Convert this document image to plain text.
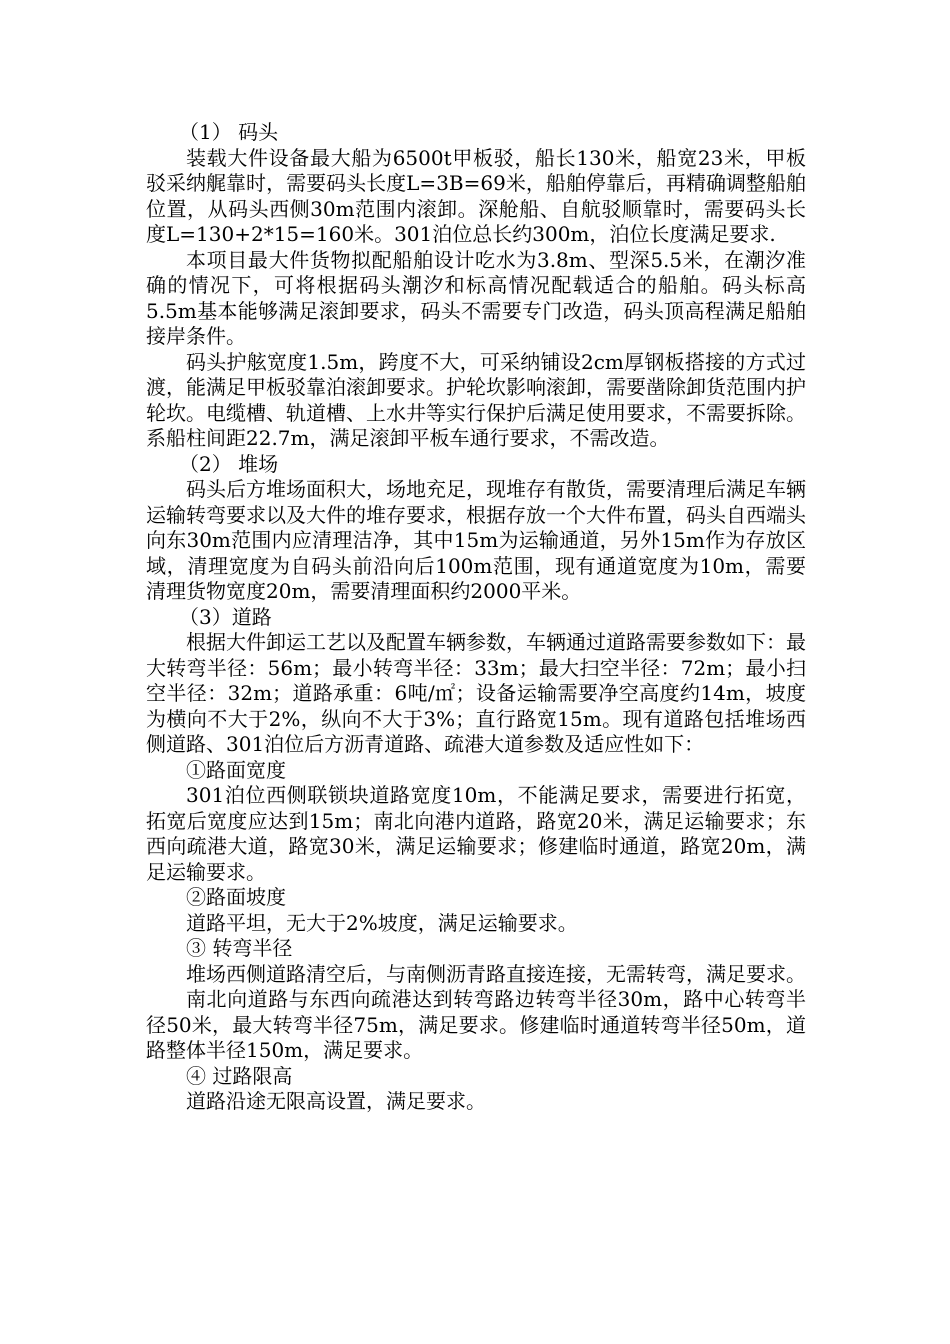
（1） 码头

装载大件设备最大船为6500t甲板驳，船长130米，船宽23米，甲板驳采纳艉靠时，需要码头长度L=3B=69米，船舶停靠后，再精确调整船舶位置，从码头西侧30m范围内滚卸。深舱船、自航驳顺靠时，需要码头长度L=130+2*15=160米。301泊位总长约300m，泊位长度满足要求.

本项目最大件货物拟配船舶设计吃水为3.8m、型深5.5米，在潮汐准确的情况下，可将根据码头潮汐和标高情况配载适合的船舶。码头标高5.5m基本能够满足滚卸要求，码头不需要专门改造，码头顶高程满足船舶接岸条件。

码头护舷宽度1.5m，跨度不大，可采纳铺设2cm厚钢板搭接的方式过渡，能满足甲板驳靠泊滚卸要求。护轮坎影响滚卸，需要凿除卸货范围内护轮坎。电缆槽、轨道槽、上水井等实行保护后满足使用要求，不需要拆除。系船柱间距22.7m，满足滚卸平板车通行要求，不需改造。

（2） 堆场

码头后方堆场面积大，场地充足，现堆存有散货，需要清理后满足车辆运输转弯要求以及大件的堆存要求，根据存放一个大件布置，码头自西端头向东30m范围内应清理洁净，其中15m为运输通道，另外15m作为存放区域，清理宽度为自码头前沿向后100m范围，现有通道宽度为10m，需要清理货物宽度20m，需要清理面积约2000平米。

（3）道路

根据大件卸运工艺以及配置车辆参数，车辆通过道路需要参数如下：最大转弯半径：56m；最小转弯半径：33m；最大扫空半径：72m；最小扫空半径：32m；道路承重：6吨/㎡；设备运输需要净空高度约14m，坡度为横向不大于2%，纵向不大于3%；直行路宽15m。现有道路包括堆场西侧道路、301泊位后方沥青道路、疏港大道参数及适应性如下：

①路面宽度

301泊位西侧联锁块道路宽度10m，不能满足要求，需要进行拓宽，拓宽后宽度应达到15m；南北向港内道路，路宽20米，满足运输要求；东西向疏港大道，路宽30米，满足运输要求；修建临时通道，路宽20m，满足运输要求。

②路面坡度

道路平坦，无大于2%坡度，满足运输要求。

③ 转弯半径

堆场西侧道路清空后，与南侧沥青路直接连接，无需转弯，满足要求。

南北向道路与东西向疏港达到转弯路边转弯半径30m，路中心转弯半径50米，最大转弯半径75m，满足要求。修建临时通道转弯半径50m，道路整体半径150m，满足要求。

④ 过路限高

道路沿途无限高设置，满足要求。
